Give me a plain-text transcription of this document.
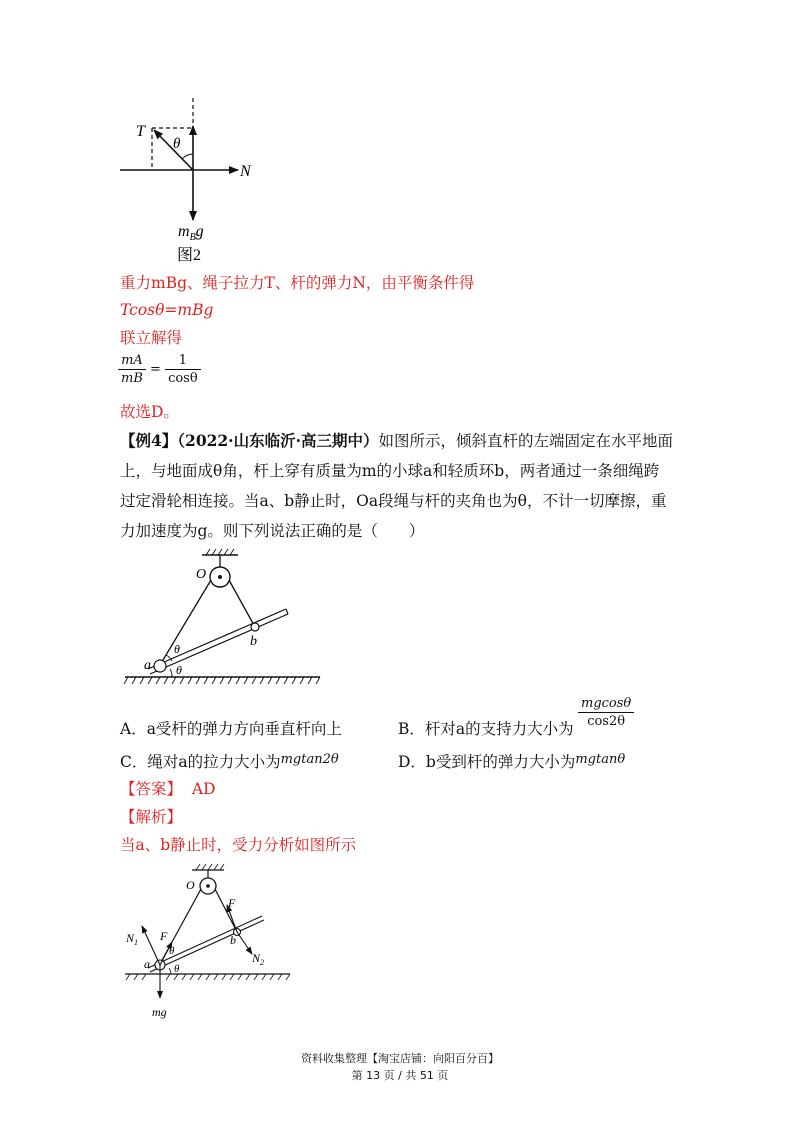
T
θ
N
$m_Bg$
图2
重力mBg、绳子拉力T、杆的弹力N，由平衡条件得
Tcosθ=mBg
联立解得
$\frac{mA}{mB} = \frac{1}{\cos\theta}$
故选D。
【例4】（2022·山东临沂·高三期中）如图所示，倾斜直杆的左端固定在水平地面
上，与地面成θ角，杆上穿有质量为m的小球a和轻质环b，两者通过一条细绳跨
过定滑轮相连接。当a、b静止时，Oa段绳与杆的夹角也为θ，不计一切摩擦，重
力加速度为g。则下列说法正确的是（　　）
O
a
b
θ
θ
A．a受杆的弹力方向垂直杆向上	B．杆对a的支持力大小为 $\frac{mgcos\theta}{\cos 2\theta}$
C．绳对a的拉力大小为$^{mgtan2\theta}$	D．b受到杆的弹力大小为$^{mgtan\theta}$
【答案】 AD
【解析】
当a、b静止时，受力分析如图所示
O
F
$N_1$ F
θ
b
$N_2$
a θ
mg
资料收集整理【淘宝店铺：向阳百分百】
第 13 页 / 共 51 页
